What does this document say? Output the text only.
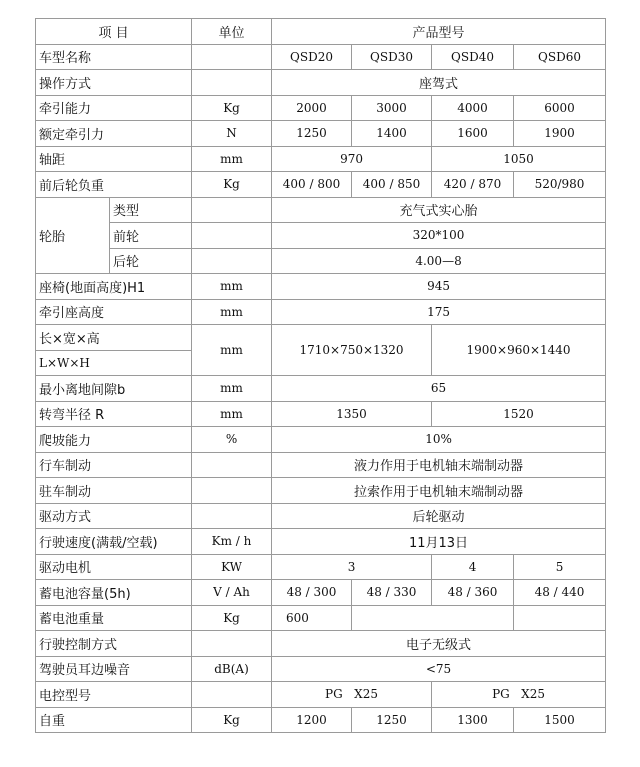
项 目		单位	产品型号			
车型名称			QSD20	QSD30	QSD40	QSD60
操作方式			座驾式			
牵引能力		Kg	2000	3000	4000	6000
额定牵引力		N	1250	1400	1600	1900
轴距		mm	970		1050	
前后轮负重		Kg	400 / 800	400 / 850	420 / 870	520/980
轮胎	类型		充气式实心胎			
	前轮		320*100			
	后轮		4.00—8			
座椅(地面高度)H1		mm	945			
牵引座高度		mm	175			
长×宽×高		mm	1710×750×1320		1900×960×1440	
L×W×H						
最小离地间隙b		mm	65			
转弯半径 R		mm	1350		1520	
爬坡能力		%	10%			
行车制动			液力作用于电机轴末端制动器			
驻车制动			拉索作用于电机轴末端制动器			
驱动方式			后轮驱动			
行驶速度(满载/空载)		Km / h	11月13日			
驱动电机		KW	3		4	5
蓄电池容量(5h)		V / Ah	48 / 300	48 / 330	48 / 360	48 / 440
蓄电池重量		Kg	600			
行驶控制方式			电子无级式			
驾驶员耳边噪音		dB(A)	<75			
电控型号			PG   X25		PG   X25	
自重		Kg	1200	1250	1300	1500
